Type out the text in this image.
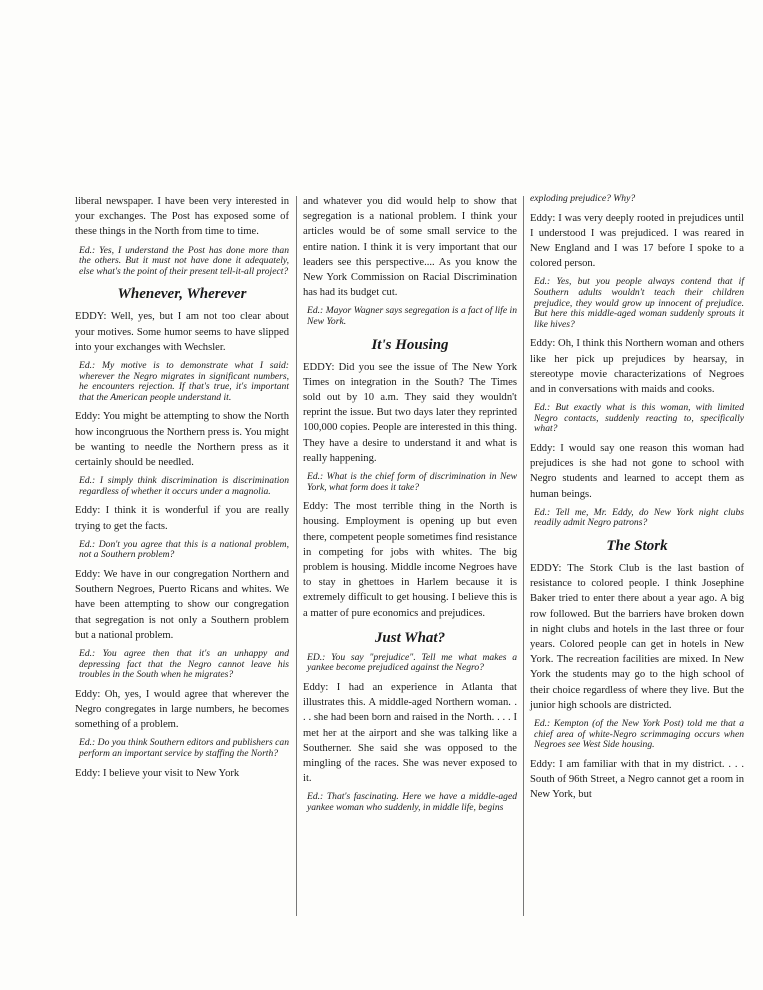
liberal newspaper. I have been very interested in your exchanges. The Post has exposed some of these things in the North from time to time.

Ed.: Yes, I understand the Post has done more than the others. But it must not have done it adequately, else what's the point of their present tell-it-all project?

Whenever, Wherever

EDDY: Well, yes, but I am not too clear about your motives. Some humor seems to have slipped into your exchanges with Wechsler.

Ed.: My motive is to demonstrate what I said: wherever the Negro migrates in significant numbers, he encounters rejection. If that's true, it's important that the American people understand it.

Eddy: You might be attempting to show the North how incongruous the Northern press is. You might be wanting to needle the Northern press as it certainly should be needled.

Ed.: I simply think discrimination is discrimination regardless of whether it occurs under a magnolia.

Eddy: I think it is wonderful if you are really trying to get the facts.

Ed.: Don't you agree that this is a national problem, not a Southern problem?

Eddy: We have in our congregation Northern and Southern Negroes, Puerto Ricans and whites. We have been attempting to show our congregation that segregation is not only a Southern problem but a national problem.

Ed.: You agree then that it's an unhappy and depressing fact that the Negro cannot leave his troubles in the South when he migrates?

Eddy: Oh, yes, I would agree that wherever the Negro congregates in large numbers, he becomes something of a problem.

Ed.: Do you think Southern editors and publishers can perform an important service by staffing the North?

Eddy: I believe your visit to New York

and whatever you did would help to show that segregation is a national problem. I think your articles would be of some small service to the entire nation. I think it is very important that our leaders see this perspective.... As you know the New York Commission on Racial Discrimination has had its budget cut.

Ed.: Mayor Wagner says segregation is a fact of life in New York.

It's Housing

EDDY: Did you see the issue of The New York Times on integration in the South? The Times sold out by 10 a.m. They said they wouldn't reprint the issue. But two days later they reprinted 100,000 copies. People are interested in this thing. They have a desire to understand it and what is really happening.

Ed.: What is the chief form of discrimination in New York, what form does it take?

Eddy: The most terrible thing in the North is housing. Employment is opening up but even there, competent people sometimes find resistance in competing for jobs with whites. The big problem is housing. Middle income Negroes have to stay in ghettoes in Harlem because it is extremely difficult to get housing. I believe this is a matter of pure economics and prejudices.

Just What?

ED.: You say "prejudice". Tell me what makes a yankee become prejudiced against the Negro?

Eddy: I had an experience in Atlanta that illustrates this. A middle-aged Northern woman. . . . she had been born and raised in the North. . . . I met her at the airport and she was talking like a Southerner. She said she was opposed to the mingling of the races. She was never exposed to it.

Ed.: That's fascinating. Here we have a middle-aged yankee woman who suddenly, in middle life, begins

exploding prejudice? Why?

Eddy: I was very deeply rooted in prejudices until I understood I was prejudiced. I was reared in New England and I was 17 before I spoke to a colored person.

Ed.: Yes, but you people always contend that if Southern adults wouldn't teach their children prejudice, they would grow up innocent of prejudice. But here this middle-aged woman suddenly sprouts it like hives?

Eddy: Oh, I think this Northern woman and others like her pick up prejudices by hearsay, in stereotype movie characterizations of Negroes and in conversations with maids and cooks.

Ed.: But exactly what is this woman, with limited Negro contacts, suddenly reacting to, specifically what?

Eddy: I would say one reason this woman had prejudices is she had not gone to school with Negro students and learned to accept them as human beings.

Ed.: Tell me, Mr. Eddy, do New York night clubs readily admit Negro patrons?

The Stork

EDDY: The Stork Club is the last bastion of resistance to colored people. I think Josephine Baker tried to enter there about a year ago. A big row followed. But the barriers have broken down in night clubs and hotels in the last three or four years. Colored people can get in hotels in New York. The recreation facilities are mixed. In New York the students may go to the high school of their choice regardless of where they live. But the junior high schools are districted.

Ed.: Kempton (of the New York Post) told me that a chief area of white-Negro scrimmaging occurs when Negroes see West Side housing.

Eddy: I am familiar with that in my district. . . . South of 96th Street, a Negro cannot get a room in New York, but
